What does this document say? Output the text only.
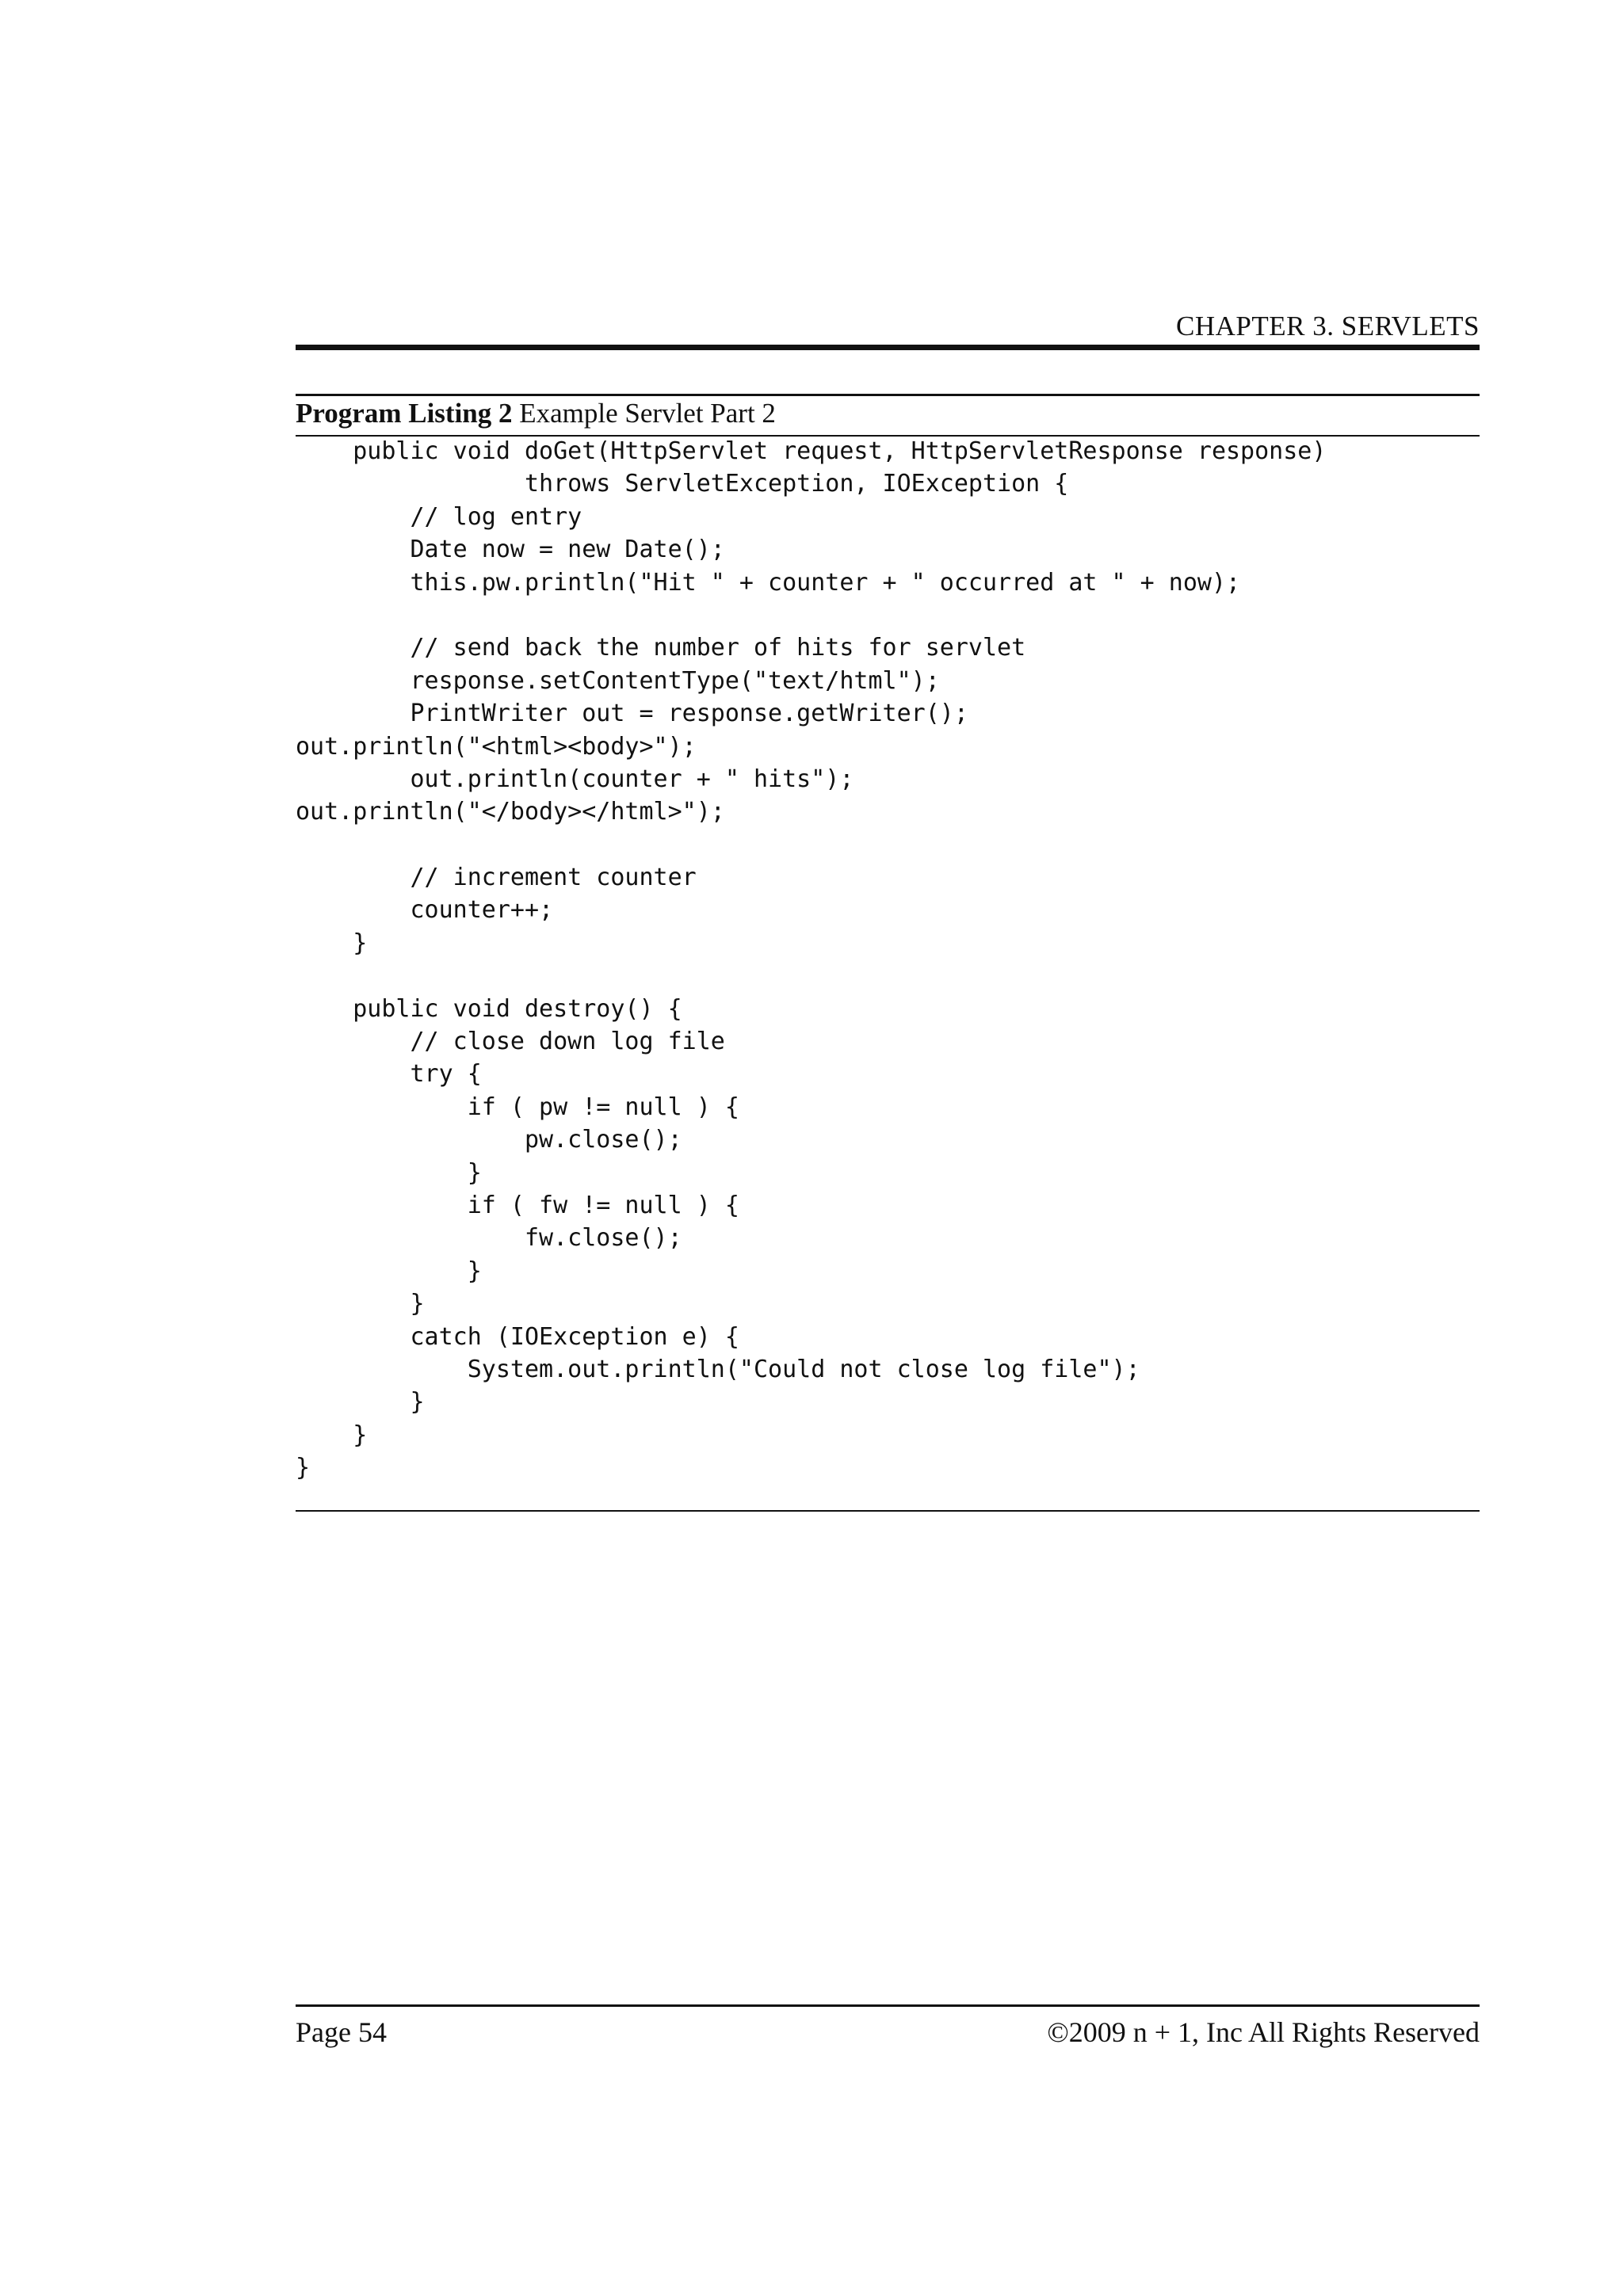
CHAPTER 3. SERVLETS
Program Listing 2 Example Servlet Part 2
public void doGet(HttpServlet request, HttpServletResponse response)
throws ServletException, IOException {
// log entry
Date now = new Date();
this.pw.println("Hit " + counter + " occurred at " + now);
// send back the number of hits for servlet
response.setContentType("text/html");
PrintWriter out = response.getWriter();
out.println("<html><body>");
out.println(counter + " hits");
out.println("</body></html>");
// increment counter
counter++;
}
public void destroy() {
// close down log file
try {
if ( pw != null ) {
pw.close();
}
if ( fw != null ) {
fw.close();
}
}
catch (IOException e) {
System.out.println("Could not close log file");
}
}
}
Page 54	©2009 n + 1, Inc All Rights Reserved
